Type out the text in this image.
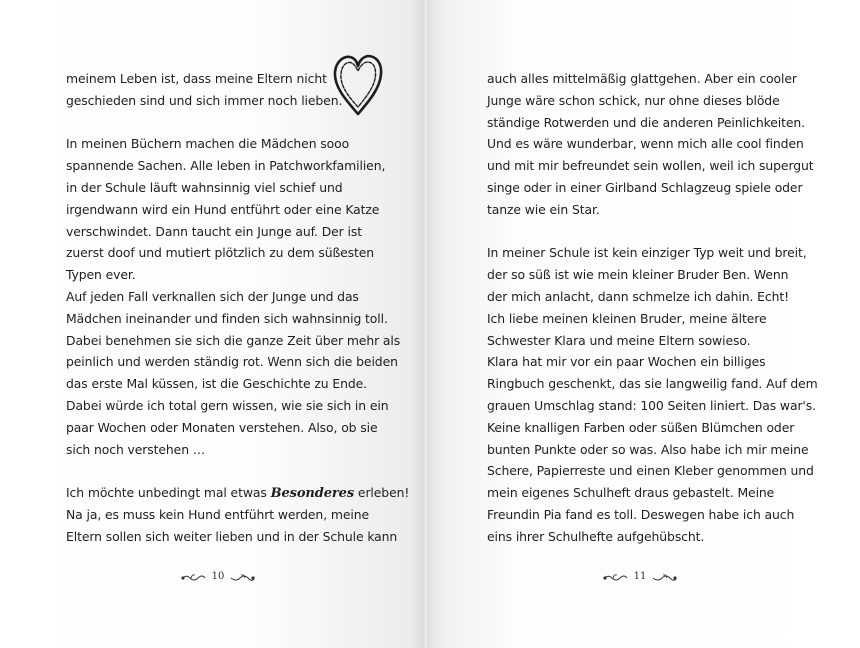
meinem Leben ist, dass meine Eltern nicht
geschieden sind und sich immer noch lieben.
In meinen Büchern machen die Mädchen sooo
spannende Sachen. Alle leben in Patchworkfamilien,
in der Schule läuft wahnsinnig viel schief und
irgendwann wird ein Hund entführt oder eine Katze
verschwindet. Dann taucht ein Junge auf. Der ist
zuerst doof und mutiert plötzlich zu dem süßesten
Typen ever.
Auf jeden Fall verknallen sich der Junge und das
Mädchen ineinander und finden sich wahnsinnig toll.
Dabei benehmen sie sich die ganze Zeit über mehr als
peinlich und werden ständig rot. Wenn sich die beiden
das erste Mal küssen, ist die Geschichte zu Ende.
Dabei würde ich total gern wissen, wie sie sich in ein
paar Wochen oder Monaten verstehen. Also, ob sie
sich noch verstehen …
Ich möchte unbedingt mal etwas Besonderes erleben!
Na ja, es muss kein Hund entführt werden, meine
Eltern sollen sich weiter lieben und in der Schule kann
auch alles mittelmäßig glattgehen. Aber ein cooler
Junge wäre schon schick, nur ohne dieses blöde
ständige Rotwerden und die anderen Peinlichkeiten.
Und es wäre wunderbar, wenn mich alle cool finden
und mit mir befreundet sein wollen, weil ich supergut
singe oder in einer Girlband Schlagzeug spiele oder
tanze wie ein Star.
In meiner Schule ist kein einziger Typ weit und breit,
der so süß ist wie mein kleiner Bruder Ben. Wenn
der mich anlacht, dann schmelze ich dahin. Echt!
Ich liebe meinen kleinen Bruder, meine ältere
Schwester Klara und meine Eltern sowieso.
Klara hat mir vor ein paar Wochen ein billiges
Ringbuch geschenkt, das sie langweilig fand. Auf dem
grauen Umschlag stand: 100 Seiten liniert. Das war's.
Keine knalligen Farben oder süßen Blümchen oder
bunten Punkte oder so was. Also habe ich mir meine
Schere, Papierreste und einen Kleber genommen und
mein eigenes Schulheft draus gebastelt. Meine
Freundin Pia fand es toll. Deswegen habe ich auch
eins ihrer Schulhefte aufgehübscht.
10	11
